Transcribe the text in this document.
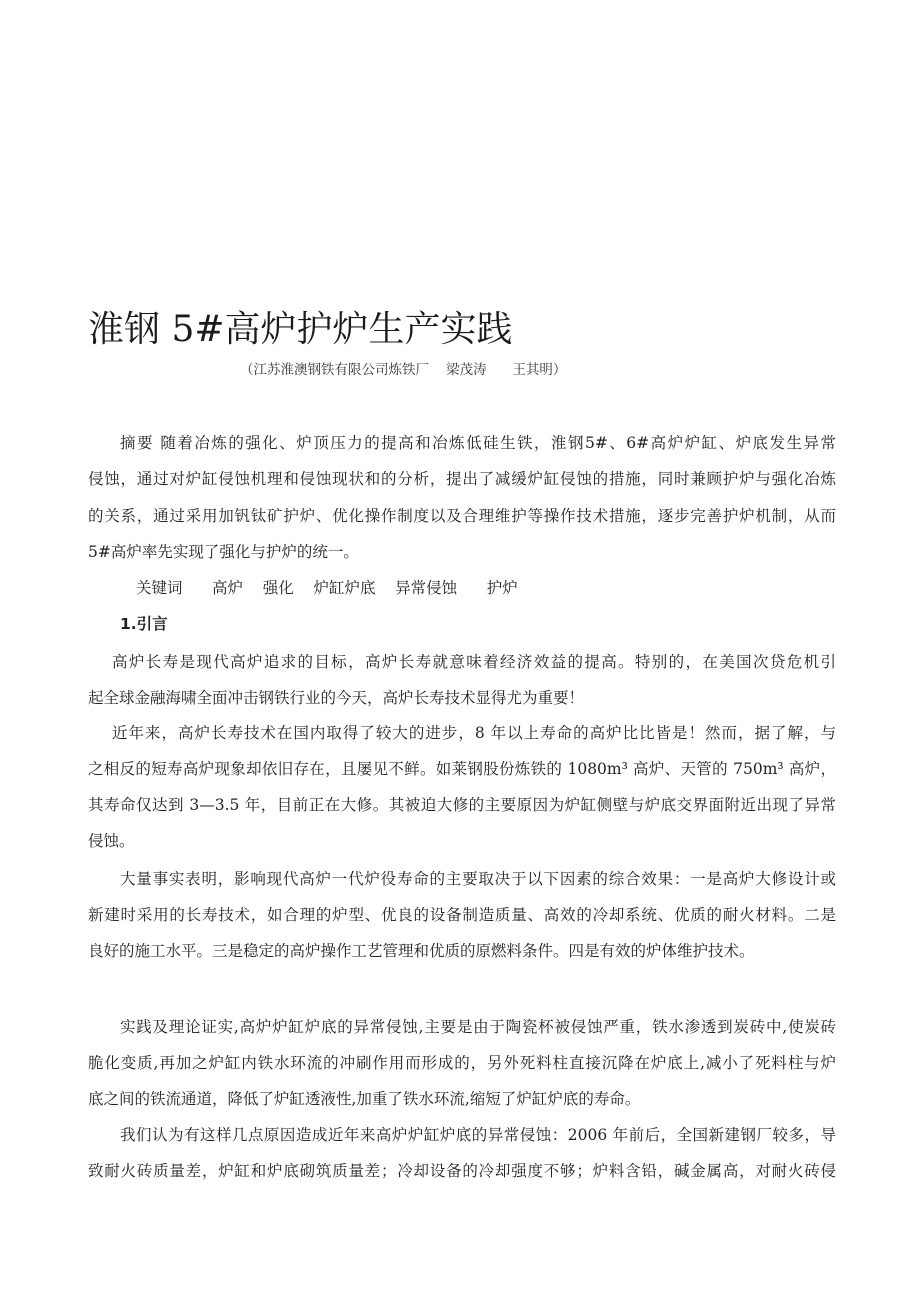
淮钢 5#高炉护炉生产实践
（江苏淮澳钢铁有限公司炼铁厂    梁茂涛      王其明）
摘要 随着冶炼的强化、炉顶压力的提高和冶炼低硅生铁，淮钢5#、6#高炉炉缸、炉底发生异常
侵蚀，通过对炉缸侵蚀机理和侵蚀现状和的分析，提出了减缓炉缸侵蚀的措施，同时兼顾护炉与强化冶炼
的关系，通过采用加钒钛矿护炉、优化操作制度以及合理维护等操作技术措施，逐步完善护炉机制，从而
5#高炉率先实现了强化与护炉的统一。
关键词      高炉    强化    炉缸炉底    异常侵蚀      护炉
1.引言
高炉长寿是现代高炉追求的目标，高炉长寿就意味着经济效益的提高。特别的，在美国次贷危机引
起全球金融海啸全面冲击钢铁行业的今天，高炉长寿技术显得尤为重要！
近年来，高炉长寿技术在国内取得了较大的进步，8 年以上寿命的高炉比比皆是！然而，据了解，与
之相反的短寿高炉现象却依旧存在，且屡见不鲜。如莱钢股份炼铁的 1080m³ 高炉、天管的 750m³ 高炉，
其寿命仅达到 3—3.5 年，目前正在大修。其被迫大修的主要原因为炉缸侧壁与炉底交界面附近出现了异常
侵蚀。
大量事实表明，影响现代高炉一代炉役寿命的主要取决于以下因素的综合效果：一是高炉大修设计或
新建时采用的长寿技术，如合理的炉型、优良的设备制造质量、高效的冷却系统、优质的耐火材料。二是
良好的施工水平。三是稳定的高炉操作工艺管理和优质的原燃料条件。四是有效的炉体维护技术。
实践及理论证实,高炉炉缸炉底的异常侵蚀,主要是由于陶瓷杯被侵蚀严重，铁水渗透到炭砖中,使炭砖
脆化变质,再加之炉缸内铁水环流的冲刷作用而形成的，另外死料柱直接沉降在炉底上,减小了死料柱与炉
底之间的铁流通道，降低了炉缸透液性,加重了铁水环流,缩短了炉缸炉底的寿命。
我们认为有这样几点原因造成近年来高炉炉缸炉底的异常侵蚀：2006 年前后，全国新建钢厂较多，导
致耐火砖质量差，炉缸和炉底砌筑质量差；冷却设备的冷却强度不够；炉料含铅，碱金属高，对耐火砖侵
